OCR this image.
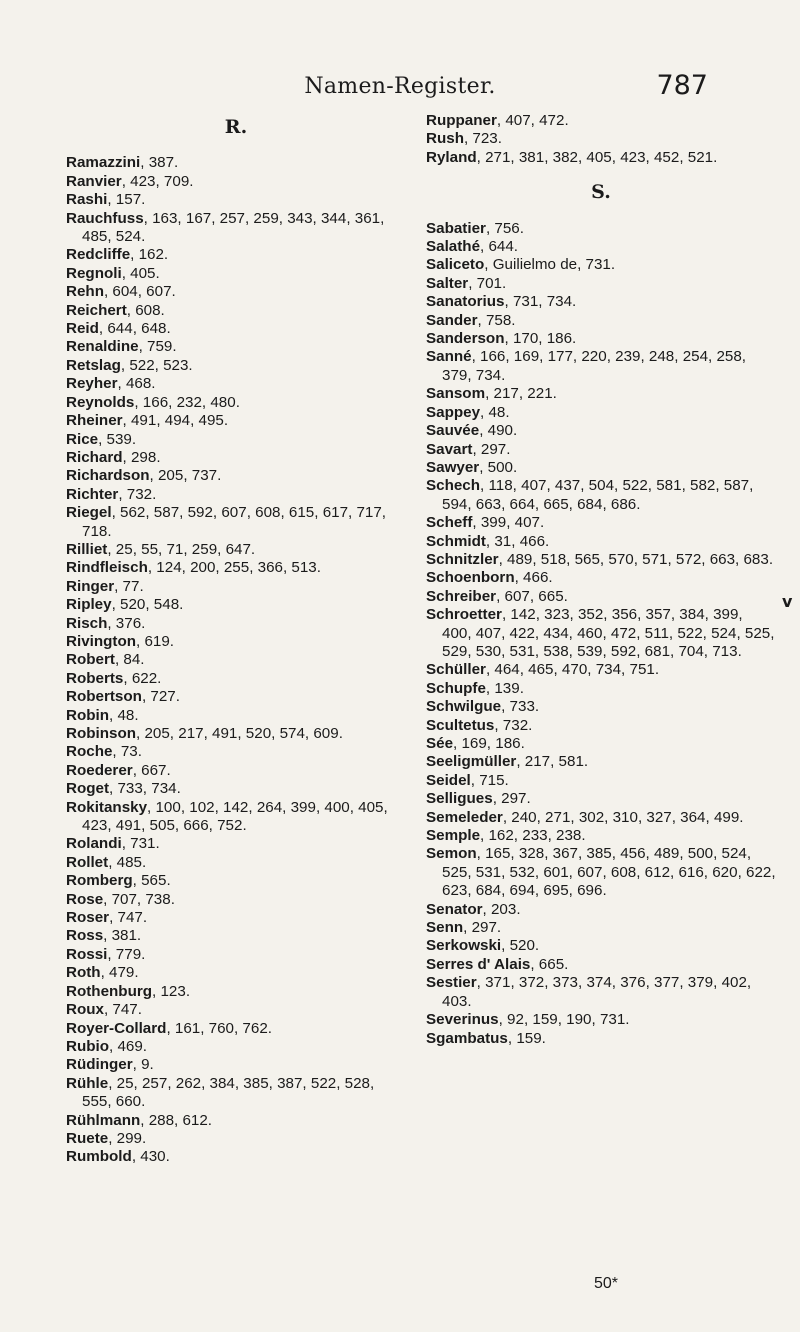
Namen-Register.	787
R.
Ramazzini, 387.
Ranvier, 423, 709.
Rashi, 157.
Rauchfuss, 163, 167, 257, 259, 343, 344, 361, 485, 524.
Redcliffe, 162.
Regnoli, 405.
Rehn, 604, 607.
Reichert, 608.
Reid, 644, 648.
Renaldine, 759.
Retslag, 522, 523.
Reyher, 468.
Reynolds, 166, 232, 480.
Rheiner, 491, 494, 495.
Rice, 539.
Richard, 298.
Richardson, 205, 737.
Richter, 732.
Riegel, 562, 587, 592, 607, 608, 615, 617, 717, 718.
Rilliet, 25, 55, 71, 259, 647.
Rindfleisch, 124, 200, 255, 366, 513.
Ringer, 77.
Ripley, 520, 548.
Risch, 376.
Rivington, 619.
Robert, 84.
Roberts, 622.
Robertson, 727.
Robin, 48.
Robinson, 205, 217, 491, 520, 574, 609.
Roche, 73.
Roederer, 667.
Roget, 733, 734.
Rokitansky, 100, 102, 142, 264, 399, 400, 405, 423, 491, 505, 666, 752.
Rolandi, 731.
Rollet, 485.
Romberg, 565.
Rose, 707, 738.
Roser, 747.
Ross, 381.
Rossi, 779.
Roth, 479.
Rothenburg, 123.
Roux, 747.
Royer-Collard, 161, 760, 762.
Rubio, 469.
Rüdinger, 9.
Rühle, 25, 257, 262, 384, 385, 387, 522, 528, 555, 660.
Rühlmann, 288, 612.
Ruete, 299.
Rumbold, 430.
Ruppaner, 407, 472.
Rush, 723.
Ryland, 271, 381, 382, 405, 423, 452, 521.
S.
Sabatier, 756.
Salathé, 644.
Saliceto, Guilielmo de, 731.
Salter, 701.
Sanatorius, 731, 734.
Sander, 758.
Sanderson, 170, 186.
Sanné, 166, 169, 177, 220, 239, 248, 254, 258, 379, 734.
Sansom, 217, 221.
Sappey, 48.
Sauvée, 490.
Savart, 297.
Sawyer, 500.
Schech, 118, 407, 437, 504, 522, 581, 582, 587, 594, 663, 664, 665, 684, 686.
Scheff, 399, 407.
Schmidt, 31, 466.
Schnitzler, 489, 518, 565, 570, 571, 572, 663, 683.
Schoenborn, 466.
Schreiber, 607, 665.
Schroetter, 142, 323, 352, 356, 357, 384, 399, 400, 407, 422, 434, 460, 472, 511, 522, 524, 525, 529, 530, 531, 538, 539, 592, 681, 704, 713.
Schüller, 464, 465, 470, 734, 751.
Schupfe, 139.
Schwilgue, 733.
Scultetus, 732.
Sée, 169, 186.
Seeligmüller, 217, 581.
Seidel, 715.
Selligues, 297.
Semeleder, 240, 271, 302, 310, 327, 364, 499.
Semple, 162, 233, 238.
Semon, 165, 328, 367, 385, 456, 489, 500, 524, 525, 531, 532, 601, 607, 608, 612, 616, 620, 622, 623, 684, 694, 695, 696.
Senator, 203.
Senn, 297.
Serkowski, 520.
Serres d' Alais, 665.
Sestier, 371, 372, 373, 374, 376, 377, 379, 402, 403.
Severinus, 92, 159, 190, 731.
Sgambatus, 159.
v
50*
